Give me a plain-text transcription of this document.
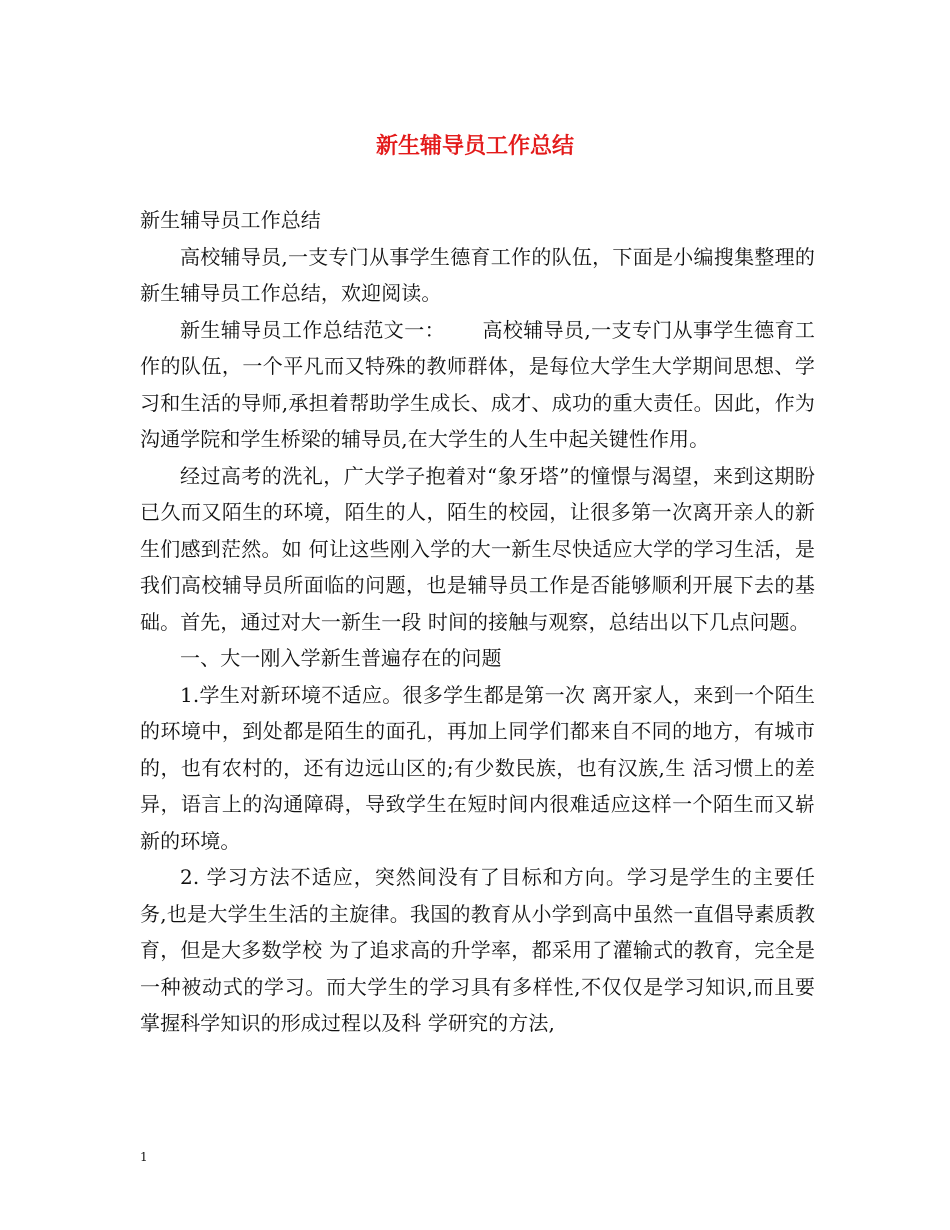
新生辅导员工作总结

新生辅导员工作总结

高校辅导员,一支专门从事学生德育工作的队伍，下面是小编搜集整理的新生辅导员工作总结，欢迎阅读。

新生辅导员工作总结范文一：　　 高校辅导员,一支专门从事学生德育工作的队伍，一个平凡而又特殊的教师群体，是每位大学生大学期间思想、学习和生活的导师,承担着帮助学生成长、成才、成功的重大责任。因此，作为沟通学院和学生桥梁的辅导员,在大学生的人生中起关键性作用。

经过高考的洗礼，广大学子抱着对“象牙塔”的憧憬与渴望，来到这期盼已久而又陌生的环境，陌生的人，陌生的校园，让很多第一次离开亲人的新生们感到茫然。如 何让这些刚入学的大一新生尽快适应大学的学习生活，是我们高校辅导员所面临的问题，也是辅导员工作是否能够顺利开展下去的基础。首先，通过对大一新生一段 时间的接触与观察，总结出以下几点问题。

一、大一刚入学新生普遍存在的问题

1.学生对新环境不适应。很多学生都是第一次 离开家人，来到一个陌生的环境中，到处都是陌生的面孔，再加上同学们都来自不同的地方，有城市的，也有农村的，还有边远山区的;有少数民族，也有汉族,生 活习惯上的差异，语言上的沟通障碍，导致学生在短时间内很难适应这样一个陌生而又崭新的环境。

2. 学习方法不适应，突然间没有了目标和方向。学习是学生的主要任务,也是大学生生活的主旋律。我国的教育从小学到高中虽然一直倡导素质教育，但是大多数学校 为了追求高的升学率，都采用了灌输式的教育，完全是一种被动式的学习。而大学生的学习具有多样性,不仅仅是学习知识,而且要掌握科学知识的形成过程以及科 学研究的方法,

1
